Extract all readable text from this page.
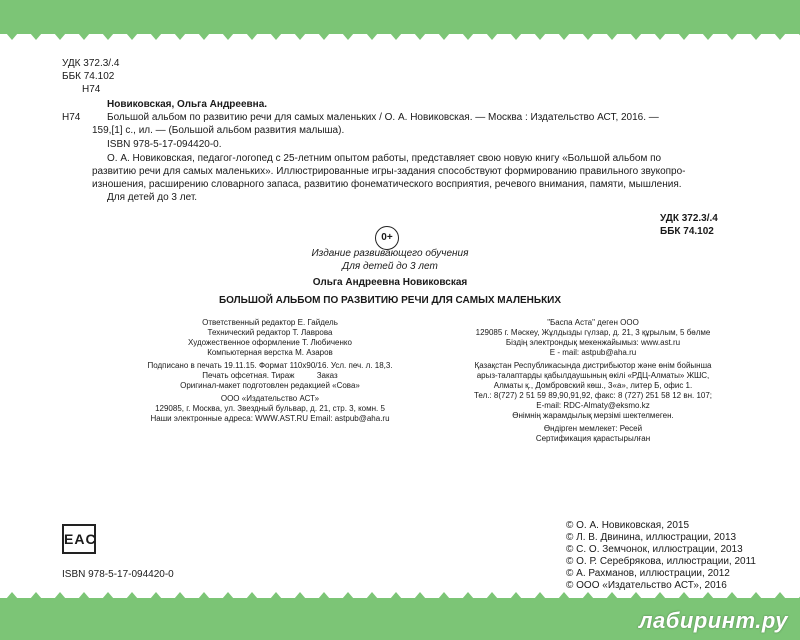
УДК 372.3/.4
ББК 74.102
Н74
Новиковская, Ольга Андреевна.
Н74	Большой альбом по развитию речи для самых маленьких / О. А. Новиковская. — Москва : Издательство АСТ, 2016. —
159,[1] с., ил. — (Большой альбом развития малыша).
ISBN 978-5-17-094420-0.
О. А. Новиковская, педагог-логопед с 25-летним опытом работы, представляет свою новую книгу «Большой альбом по
развитию речи для самых маленьких». Иллюстрированные игры-задания способствуют формированию правильного звукопро-
изношения, расширению словарного запаса, развитию фонематического восприятия, речевого внимания, памяти, мышления.
Для детей до 3 лет.
УДК 372.3/.4
ББК 74.102
0+
Издание развивающего обучения
Для детей до 3 лет
Ольга Андреевна Новиковская
БОЛЬШОЙ АЛЬБОМ ПО РАЗВИТИЮ РЕЧИ ДЛЯ САМЫХ МАЛЕНЬКИХ
Ответственный редактор Е. Гайдель
Технический редактор Т. Лаврова
Художественное оформление Т. Любиченко
Компьютерная верстка М. Азаров
Подписано в печать 19.11.15. Формат 110х90/16. Усл. печ. л. 18,3.
Печать офсетная. Тираж          Заказ
Оригинал-макет подготовлен редакцией «Сова»
ООО «Издательство АСТ»
129085, г. Москва, ул. Звездный бульвар, д. 21, стр. 3, комн. 5
Наши электронные адреса: WWW.AST.RU Email: astpub@aha.ru
"Баспа Аста" деген ООО
129085 г. Мәскеу, Жұлдызды гүлзар, д. 21, 3 құрылым, 5 бөлме
Біздің электрондық мекенжайымыз: www.ast.ru
E - mail: astpub@aha.ru
Қазақстан Республикасында дистрибьютор және өнім бойынша
арыз-талаптарды қабылдаушының өкілі «РДЦ-Алматы» ЖШС,
Алматы қ., Домбровский көш., 3«а», литер Б, офис 1.
Тел.: 8(727) 2 51 59 89,90,91,92, факс: 8 (727) 251 58 12 вн. 107;
E-mail: RDC-Almaty@eksmo.kz
Өнімнің жарамдылық мерзімі шектелмеген.
Өндірген мемлекет: Ресей
Сертификация қарастырылған
EAC
ISBN 978-5-17-094420-0
© О. А. Новиковская, 2015
© Л. В. Двинина, иллюстрации, 2013
© С. О. Земчонок, иллюстрации, 2013
© О. Р. Серебрякова, иллюстрации, 2011
© А. Рахманов, иллюстрации, 2012
© ООО «Издательство АСТ», 2016
лабиринт.ру
